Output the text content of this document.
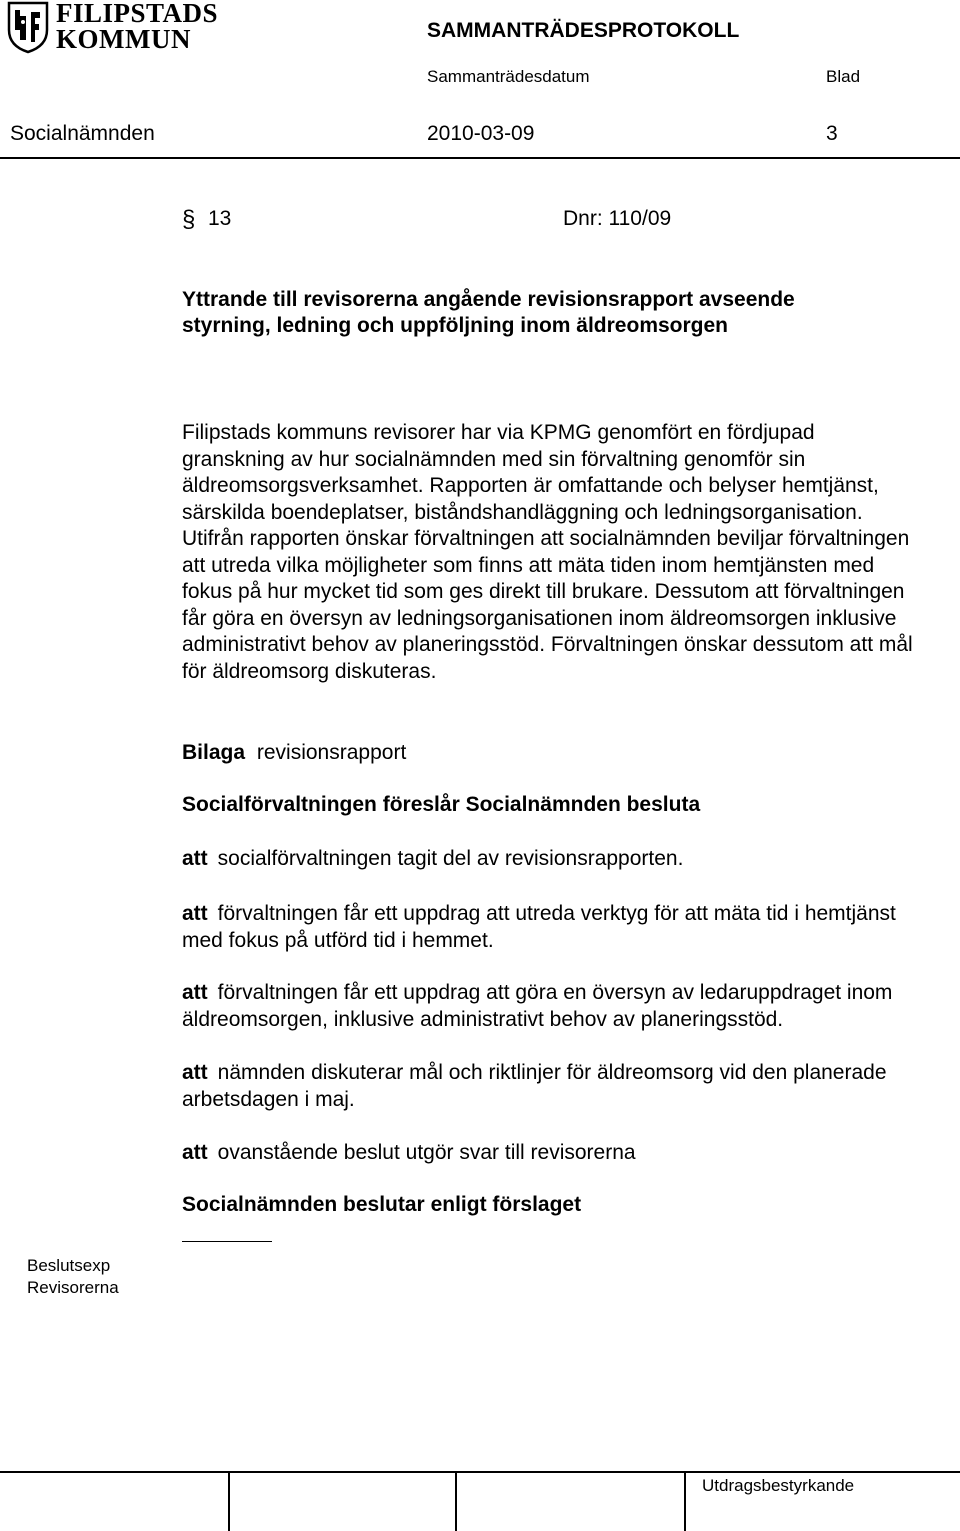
FILIPSTADS
KOMMUN	SAMMANTRÄDESPROTOKOLL
Sammanträdesdatum	Blad
Socialnämnden	2010-03-09	3
§ 13	Dnr: 110/09
Yttrande till revisorerna angående revisionsrapport avseende
styrning, ledning och uppföljning inom äldreomsorgen
Filipstads kommuns revisorer har via KPMG genomfört en fördjupad granskning av hur socialnämnden med sin förvaltning genomför sin äldreomsorgsverksamhet. Rapporten är omfattande och belyser hemtjänst, särskilda boendeplatser, biståndshandläggning och ledningsorganisation. Utifrån rapporten önskar förvaltningen att socialnämnden beviljar förvaltningen att utreda vilka möjligheter som finns att mäta tiden inom hemtjänsten med fokus på hur mycket tid som ges direkt till brukare. Dessutom att förvaltningen får göra en översyn av ledningsorganisationen inom äldreomsorgen inklusive administrativt behov av planeringsstöd. Förvaltningen önskar dessutom att mål för äldreomsorg diskuteras.
Bilaga revisionsrapport
Socialförvaltningen föreslår Socialnämnden besluta
att socialförvaltningen tagit del av revisionsrapporten.
att förvaltningen får ett uppdrag att utreda verktyg för att mäta tid i hemtjänst med fokus på utförd tid i hemmet.
att förvaltningen får ett uppdrag att göra en översyn av ledaruppdraget inom äldreomsorgen, inklusive administrativt behov av planeringsstöd.
att nämnden diskuterar mål och riktlinjer för äldreomsorg vid den planerade arbetsdagen i maj.
att ovanstående beslut utgör svar till revisorerna
Socialnämnden beslutar enligt förslaget
Beslutsexp
Revisorerna
Utdragsbestyrkande
